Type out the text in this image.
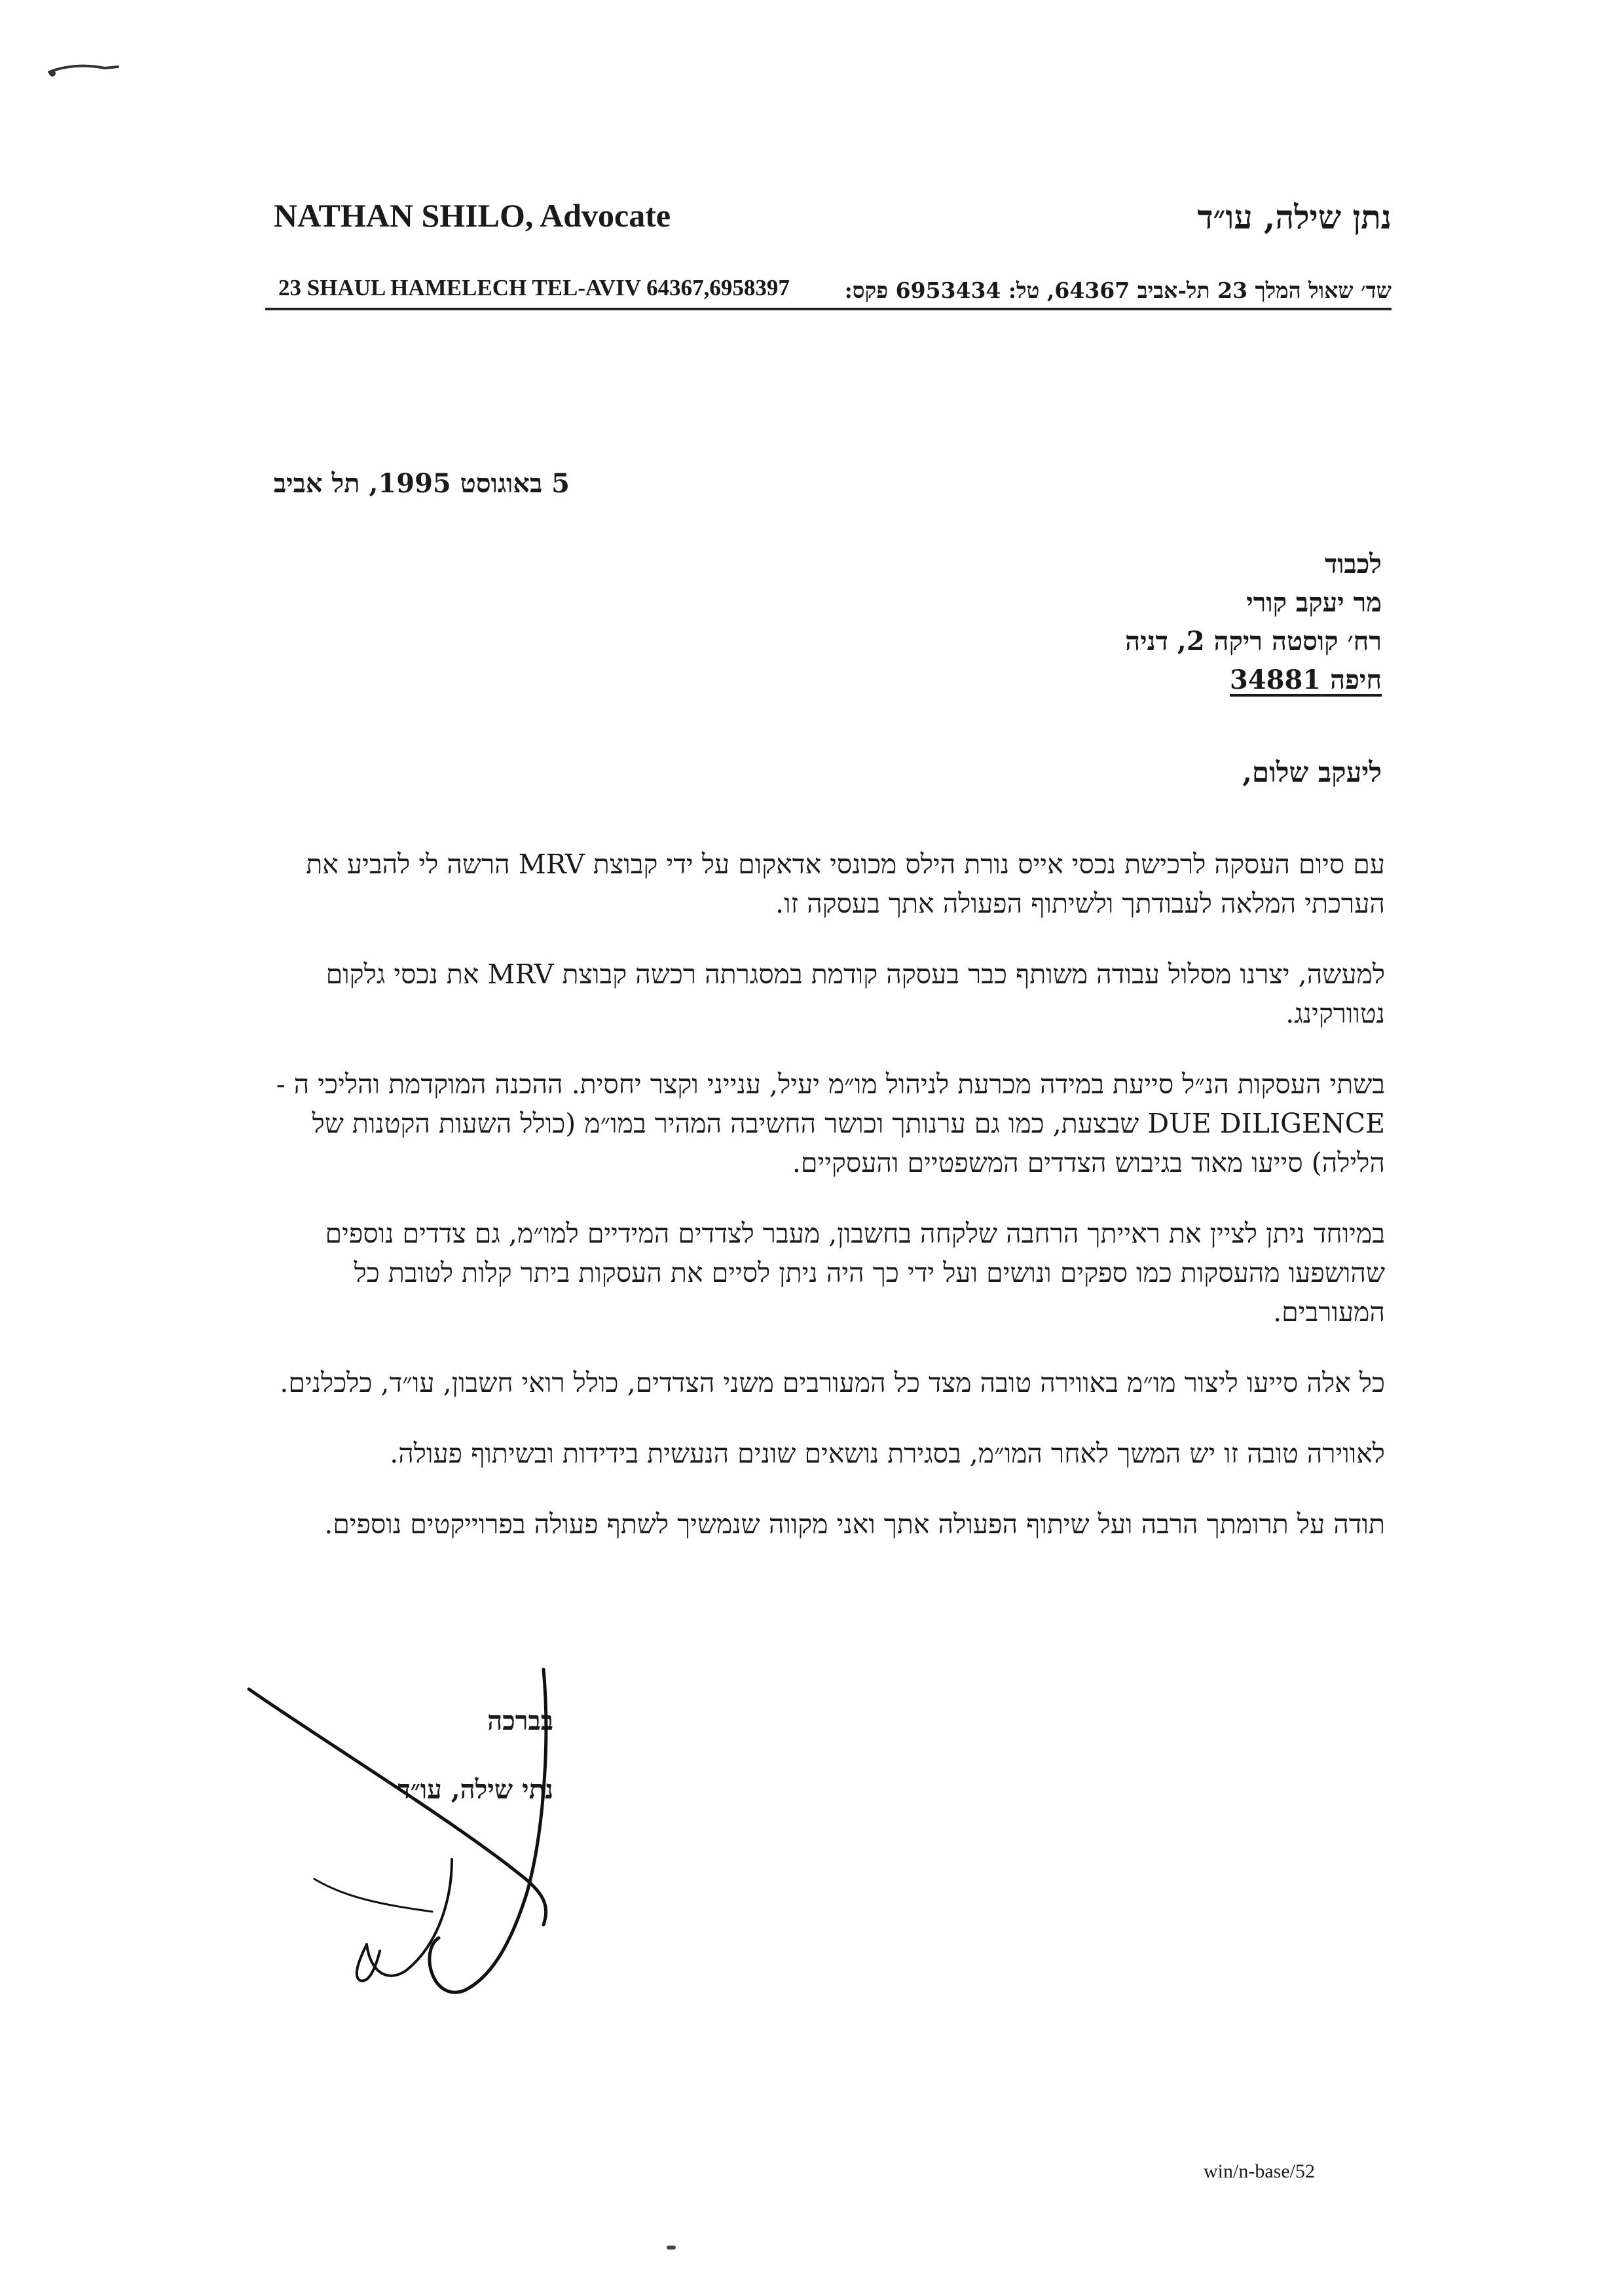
NATHAN SHILO, Advocate	נתן שילה, עו״ד
23 SHAUL HAMELECH TEL-AVIV 64367,6958397	שד׳ שאול המלך 23 תל-אביב 64367, טל: 6953434 פקס:
5 באוגוסט 1995, תל אביב
לכבוד
מר יעקב קורי
רח׳ קוסטה ריקה 2, דניה
חיפה 34881
ליעקב שלום,

עם סיום העסקה לרכישת נכסי אייס נורת הילס מכונסי אדאקום על ידי קבוצת MRV הרשה לי להביע את הערכתי המלאה לעבודתך ולשיתוף הפעולה אתך בעסקה זו.

למעשה, יצרנו מסלול עבודה משותף כבר בעסקה קודמת במסגרתה רכשה קבוצת MRV את נכסי גלקום נטוורקינג.

בשתי העסקות הנ״ל סייעת במידה מכרעת לניהול מו״מ יעיל, ענייני וקצר יחסית. ההכנה המוקדמת והליכי ה - DUE DILIGENCE שבצעת, כמו גם ערנותך וכושר החשיבה המהיר במו״מ (כולל השעות הקטנות של הלילה) סייעו מאוד בגיבוש הצדדים המשפטיים והעסקיים.

במיוחד ניתן לציין את ראייתך הרחבה שלקחה בחשבון, מעבר לצדדים המידיים למו״מ, גם צדדים נוספים שהושפעו מהעסקות כמו ספקים ונושים ועל ידי כך היה ניתן לסיים את העסקות ביתר קלות לטובת כל המעורבים.

כל אלה סייעו ליצור מו״מ באווירה טובה מצד כל המעורבים משני הצדדים, כולל רואי חשבון, עו״ד, כלכלנים.

לאווירה טובה זו יש המשך לאחר המו״מ, בסגירת נושאים שונים הנעשית בידידות ובשיתוף פעולה.

תודה על תרומתך הרבה ועל שיתוף הפעולה אתך ואני מקווה שנמשיך לשתף פעולה בפרוייקטים נוספים.

בברכה
נתי שילה, עו״ד
win/n-base/52
